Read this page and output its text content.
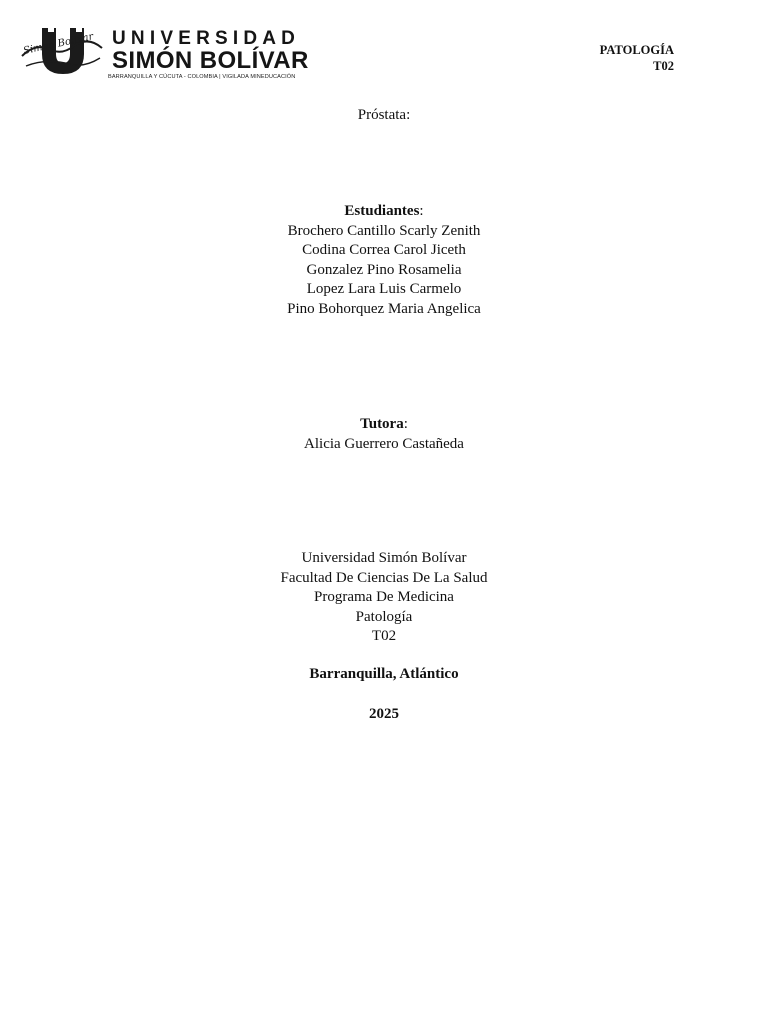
Simon Bolivar UNIVERSIDAD
SIMÓN BOLÍVAR
BARRANQUILLA Y CÚCUTA - COLOMBIA | VIGILADA MINEDUCACIÓN
PATOLOGÍA
T02
Próstata:
Estudiantes:
Brochero Cantillo Scarly Zenith
Codina Correa Carol Jiceth
Gonzalez Pino Rosamelia
Lopez Lara Luis Carmelo
Pino Bohorquez Maria Angelica
Tutora:
Alicia Guerrero Castañeda
Universidad Simón Bolívar
Facultad De Ciencias De La Salud
Programa De Medicina
Patología
T02
Barranquilla, Atlántico
2025
